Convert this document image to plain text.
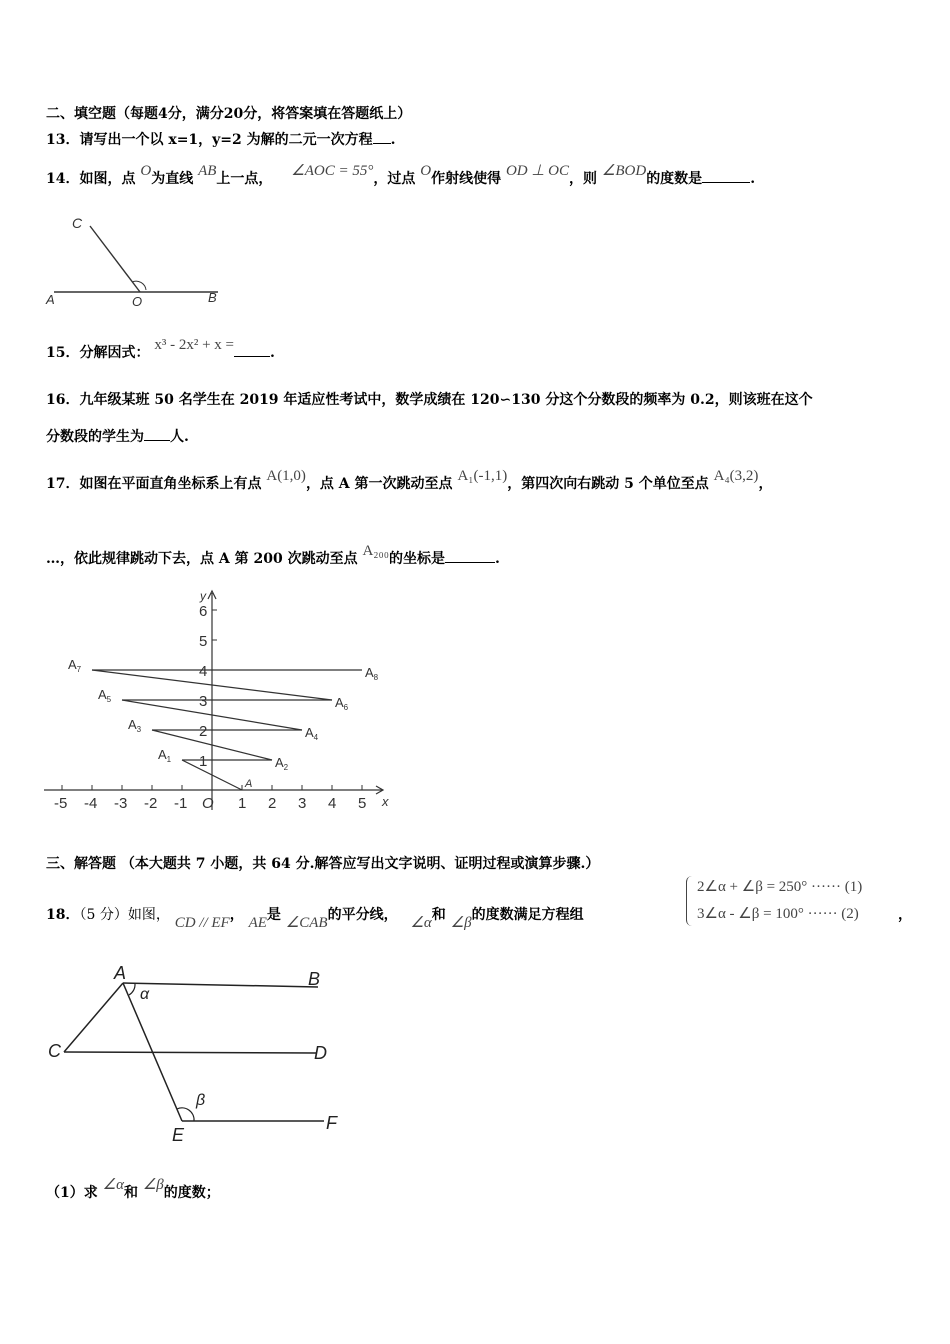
二、填空题（每题4分，满分20分，将答案填在答题纸上）
13．请写出一个以 x=1，y=2 为解的二元一次方程 .
14．如图，点 O为直线 AB上一点， ∠AOC = 55°，过点 O作射线使得 OD ⊥ OC，则 ∠BOD的度数是	.
C
A	O	B
15．分解因式： x³ - 2x² + x =	.
16．九年级某班 50 名学生在 2019 年适应性考试中，数学成绩在 120∽130 分这个分数段的频率为 0.2，则该班在这个
分数段的学生为 人.
17．如图在平面直角坐标系上有点 A(1,0)，点 A 第一次跳动至点 A₁(-1,1)，第四次向右跳动 5 个单位至点 A₄(3,2)，
…，依此规律跳动下去，点 A 第 200 次跳动至点 A₂₀₀的坐标是	.
y
x
A
-5 -4 -3 -2 -1 O 1 2 3 4 5
1
2
3
4
5
6
$A_1$	$A_2$
$A_3$	$A_4$
$A_5$	$A_6$
$A_7$	$A_8$
三、解答题 （本大题共 7 小题，共 64 分.解答应写出文字说明、证明过程或演算步骤.）
18．（5 分）如图， CD // EF， AE是 ∠CAB的平分线， ∠α和 ∠β的度数满足方程组
2∠α + ∠β = 250° ······ (1)
3∠α - ∠β = 100° ······ (2)	，
A	B
C	D
E
F
α
β
（1）求 ∠α和 ∠β的度数；
